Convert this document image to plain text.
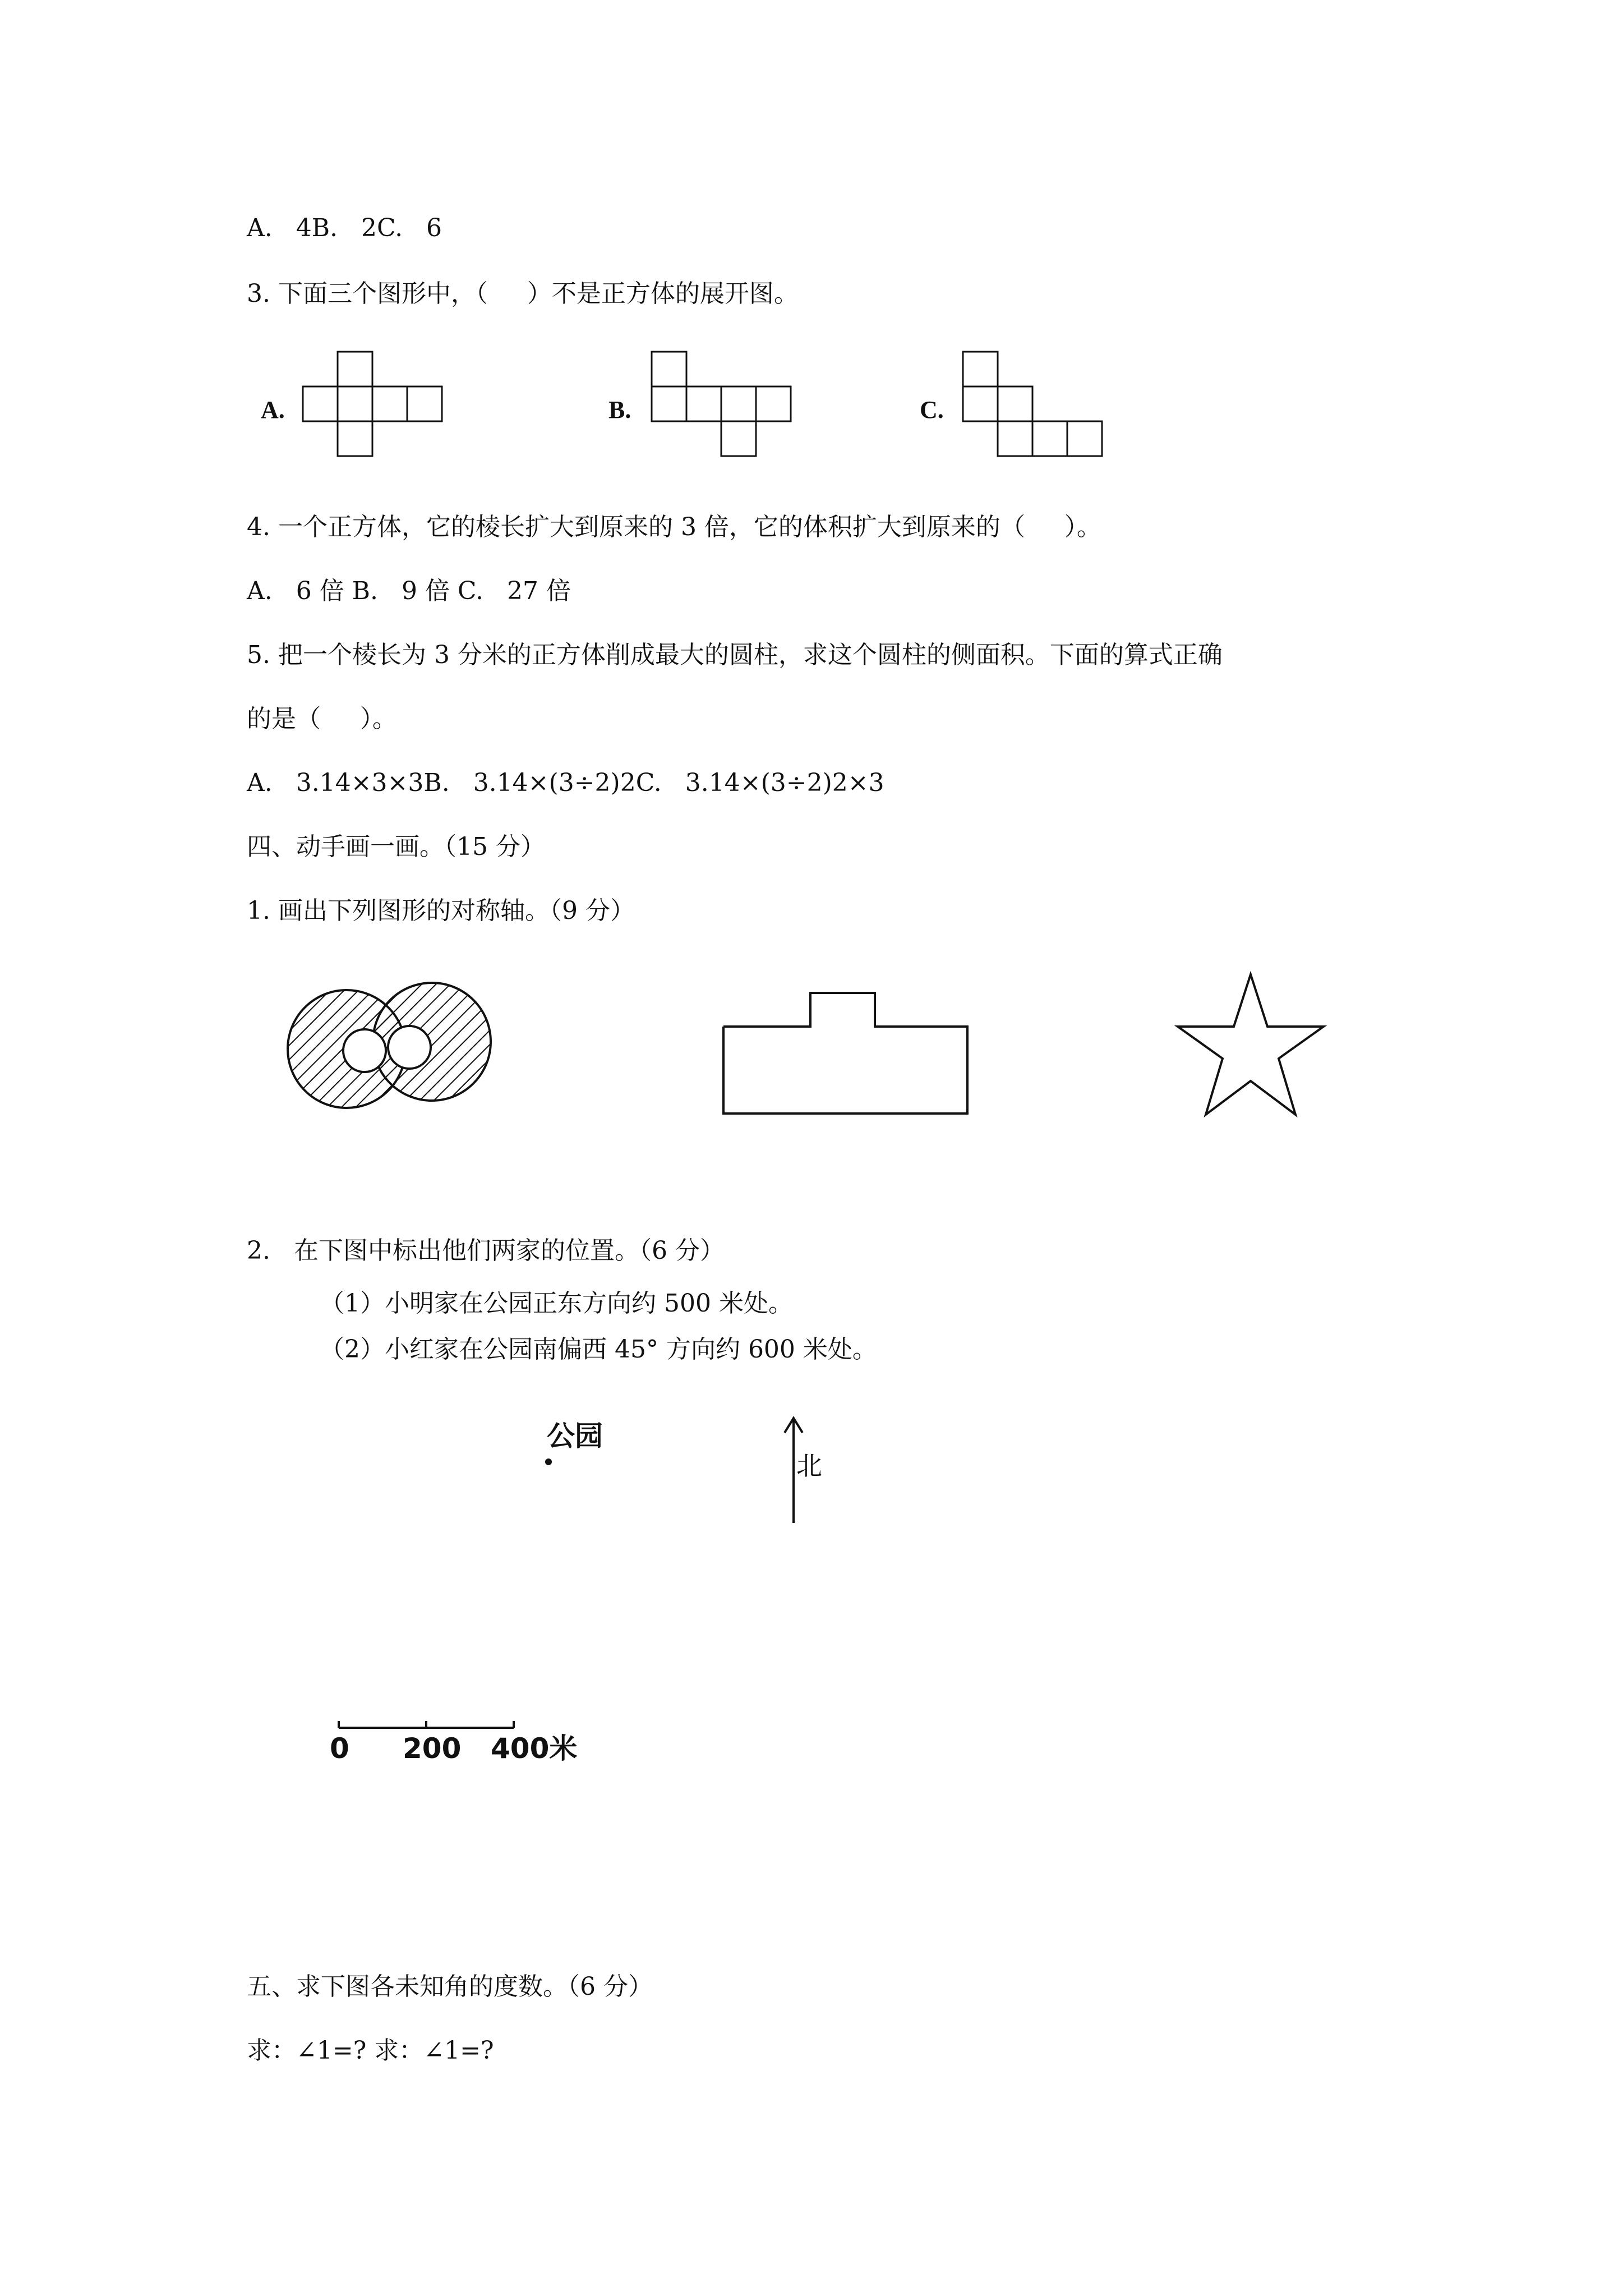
A.   4B.   2C.   6
3. 下面三个图形中，（     ）不是正方体的展开图。
A.	B.	C.
4. 一个正方体，它的棱长扩大到原来的 3 倍，它的体积扩大到原来的（     ）。
A.   6 倍 B.   9 倍 C.   27 倍
5. 把一个棱长为 3 分米的正方体削成最大的圆柱，求这个圆柱的侧面积。下面的算式正确
的是（     ）。
A.   3.14×3×3B.   3.14×(3÷2)2C.   3.14×(3÷2)2×3
四、动手画一画。（15 分）
1. 画出下列图形的对称轴。（9 分）
2.   在下图中标出他们两家的位置。（6 分）
（1）小明家在公园正东方向约 500 米处。
（2）小红家在公园南偏西 45° 方向约 600 米处。
公园
北
0 200 400米
五、求下图各未知角的度数。（6 分）
求：∠1=? 求：∠1=?
